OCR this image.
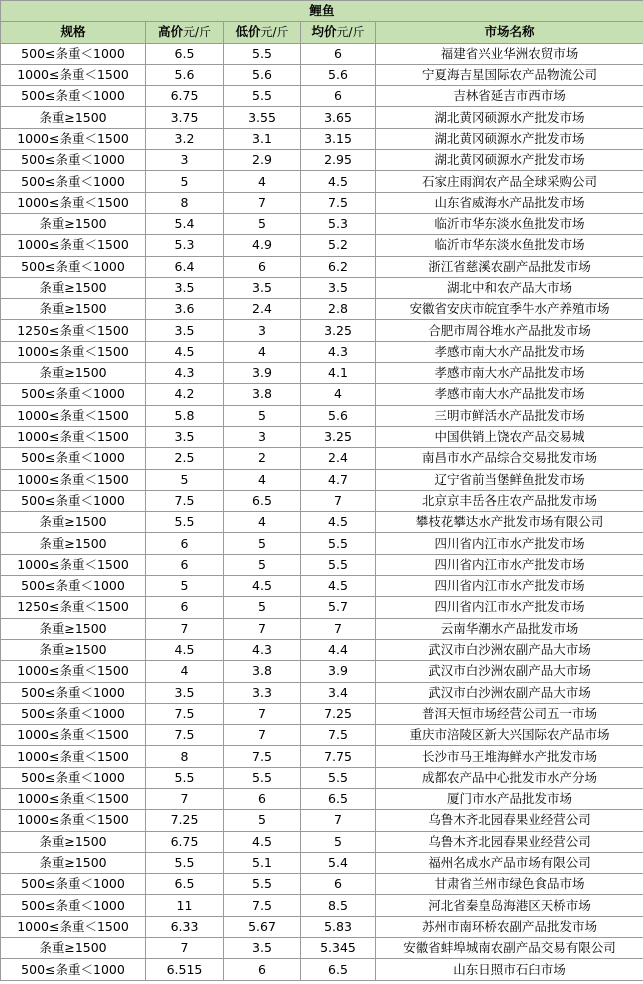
鲤鱼				
规格	高价元/斤	低价元/斤	均价元/斤	市场名称
500≤条重＜1000	6.5	5.5	6	福建省兴业华洲农贸市场
1000≤条重＜1500	5.6	5.6	5.6	宁夏海吉星国际农产品物流公司
500≤条重＜1000	6.75	5.5	6	吉林省延吉市西市场
条重≥1500	3.75	3.55	3.65	湖北黄冈硕源水产批发市场
1000≤条重＜1500	3.2	3.1	3.15	湖北黄冈硕源水产批发市场
500≤条重＜1000	3	2.9	2.95	湖北黄冈硕源水产批发市场
500≤条重＜1000	5	4	4.5	石家庄雨润农产品全球采购公司
1000≤条重＜1500	8	7	7.5	山东省威海水产品批发市场
条重≥1500	5.4	5	5.3	临沂市华东淡水鱼批发市场
1000≤条重＜1500	5.3	4.9	5.2	临沂市华东淡水鱼批发市场
500≤条重＜1000	6.4	6	6.2	浙江省慈溪农副产品批发市场
条重≥1500	3.5	3.5	3.5	湖北中和农产品大市场
条重≥1500	3.6	2.4	2.8	安徽省安庆市皖宜季牛水产养殖市场
1250≤条重＜1500	3.5	3	3.25	合肥市周谷堆水产品批发市场
1000≤条重＜1500	4.5	4	4.3	孝感市南大水产品批发市场
条重≥1500	4.3	3.9	4.1	孝感市南大水产品批发市场
500≤条重＜1000	4.2	3.8	4	孝感市南大水产品批发市场
1000≤条重＜1500	5.8	5	5.6	三明市鲜活水产品批发市场
1000≤条重＜1500	3.5	3	3.25	中国供销上饶农产品交易城
500≤条重＜1000	2.5	2	2.4	南昌市水产品综合交易批发市场
1000≤条重＜1500	5	4	4.7	辽宁省前当堡鲜鱼批发市场
500≤条重＜1000	7.5	6.5	7	北京京丰岳各庄农产品批发市场
条重≥1500	5.5	4	4.5	攀枝花攀达水产批发市场有限公司
条重≥1500	6	5	5.5	四川省内江市水产批发市场
1000≤条重＜1500	6	5	5.5	四川省内江市水产批发市场
500≤条重＜1000	5	4.5	4.5	四川省内江市水产批发市场
1250≤条重＜1500	6	5	5.7	四川省内江市水产批发市场
条重≥1500	7	7	7	云南华潮水产品批发市场
条重≥1500	4.5	4.3	4.4	武汉市白沙洲农副产品大市场
1000≤条重＜1500	4	3.8	3.9	武汉市白沙洲农副产品大市场
500≤条重＜1000	3.5	3.3	3.4	武汉市白沙洲农副产品大市场
500≤条重＜1000	7.5	7	7.25	普洱天恒市场经营公司五一市场
1000≤条重＜1500	7.5	7	7.5	重庆市涪陵区新大兴国际农产品市场
1000≤条重＜1500	8	7.5	7.75	长沙市马王堆海鲜水产批发市场
500≤条重＜1000	5.5	5.5	5.5	成都农产品中心批发市水产分场
1000≤条重＜1500	7	6	6.5	厦门市水产品批发市场
1000≤条重＜1500	7.25	5	7	乌鲁木齐北园春果业经营公司
条重≥1500	6.75	4.5	5	乌鲁木齐北园春果业经营公司
条重≥1500	5.5	5.1	5.4	福州名成水产品市场有限公司
500≤条重＜1000	6.5	5.5	6	甘肃省兰州市绿色食品市场
500≤条重＜1000	11	7.5	8.5	河北省秦皇岛海港区天桥市场
1000≤条重＜1500	6.33	5.67	5.83	苏州市南环桥农副产品批发市场
条重≥1500	7	3.5	5.345	安徽省蚌埠城南农副产品交易有限公司
500≤条重＜1000	6.515	6	6.5	山东日照市石臼市场
